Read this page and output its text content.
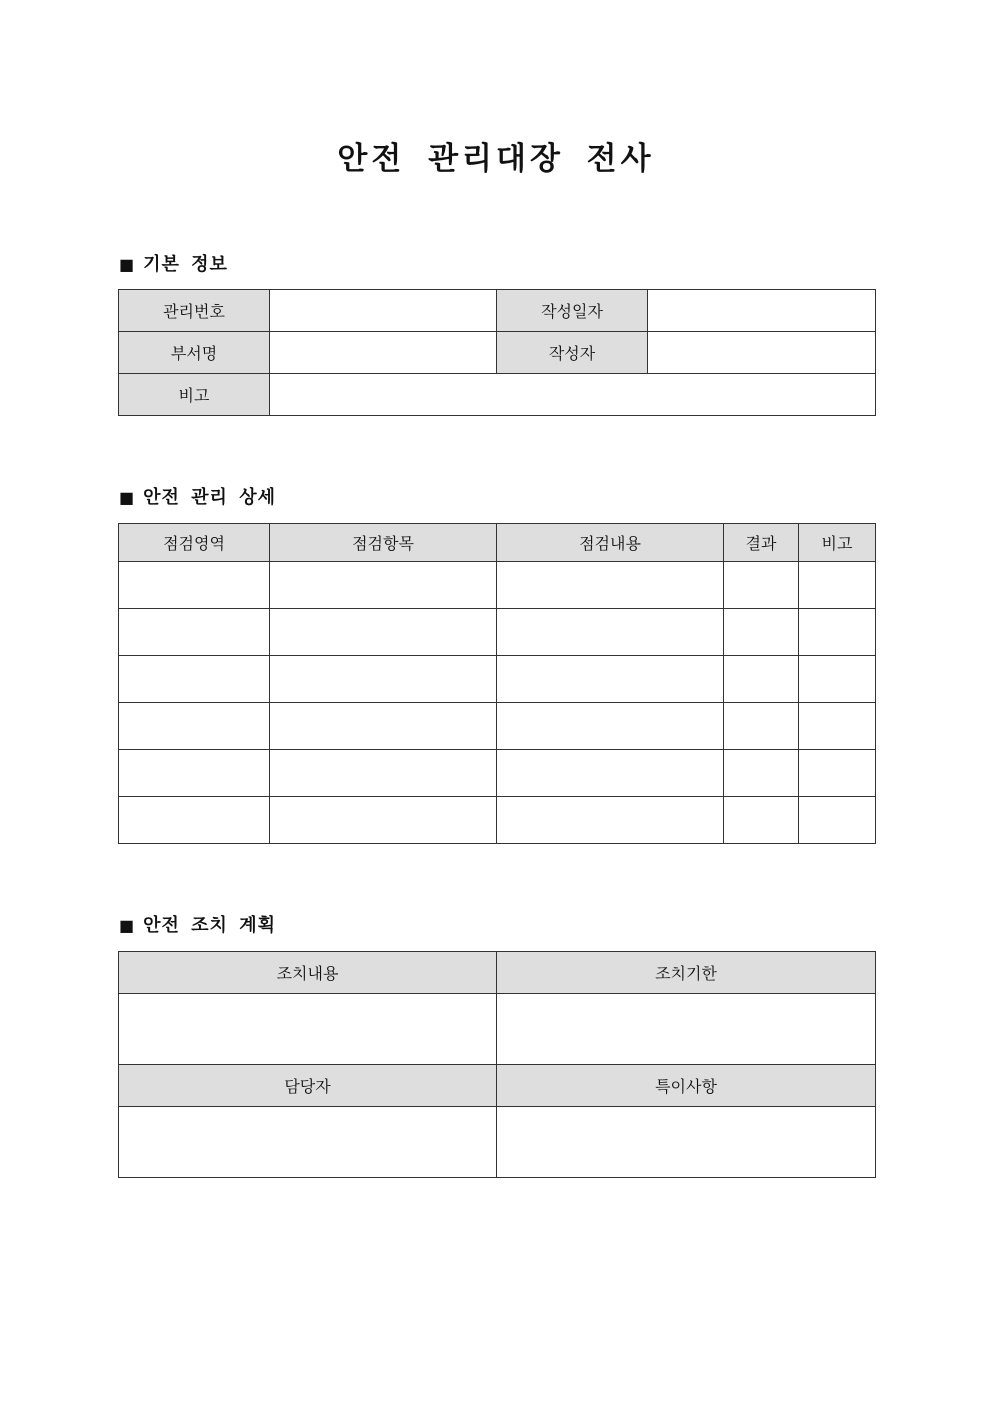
안전 관리대장 전사
■ 기본 정보
관리번호		작성일자	
부서명		작성자	
비고			
■ 안전 관리 상세
점검영역	점검항목	점검내용	결과	비고

■ 안전 조치 계획
조치내용	조치기한

담당자	특이사항
